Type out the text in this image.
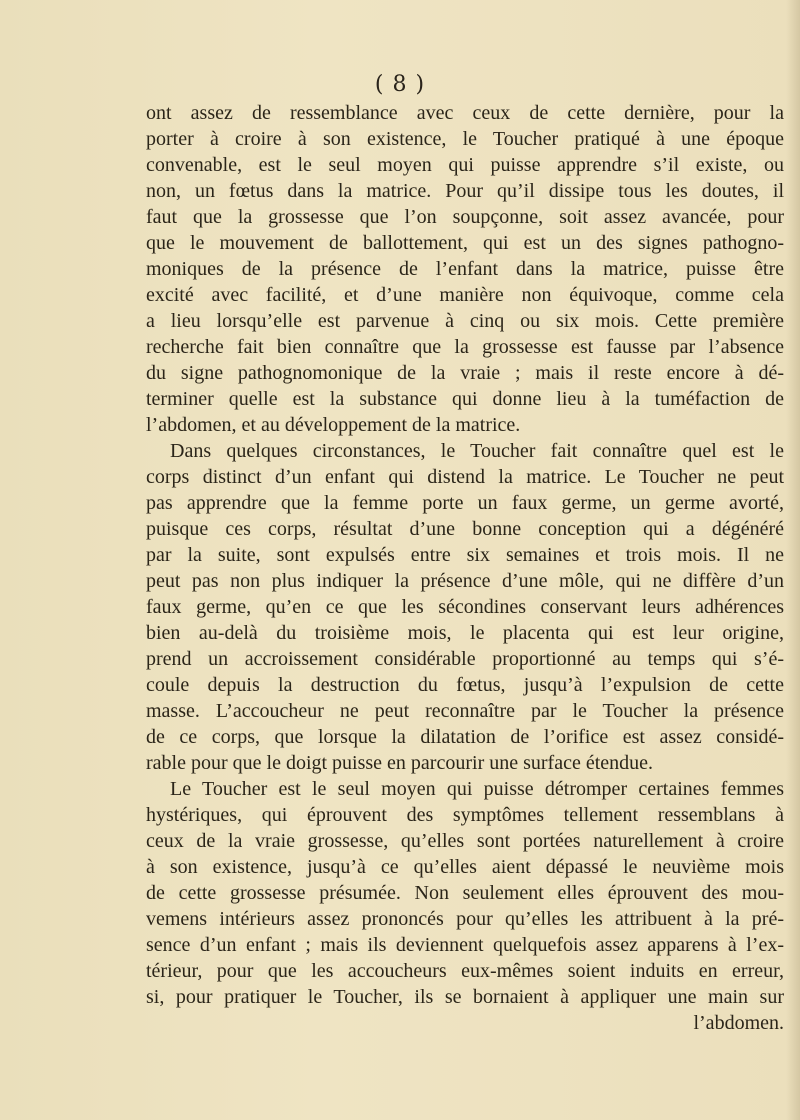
( 8 )
ont assez de ressemblance avec ceux de cette dernière, pour la
porter à croire à son existence, le Toucher pratiqué à une époque
convenable, est le seul moyen qui puisse apprendre s’il existe, ou
non, un fœtus dans la matrice. Pour qu’il dissipe tous les doutes, il
faut que la grossesse que l’on soupçonne, soit assez avancée, pour
que le mouvement de ballottement, qui est un des signes pathogno-
moniques de la présence de l’enfant dans la matrice, puisse être
excité avec facilité, et d’une manière non équivoque, comme cela
a lieu lorsqu’elle est parvenue à cinq ou six mois. Cette première
recherche fait bien connaître que la grossesse est fausse par l’absence
du signe pathognomonique de la vraie ; mais il reste encore à dé-
terminer quelle est la substance qui donne lieu à la tuméfaction de
l’abdomen, et au développement de la matrice.
Dans quelques circonstances, le Toucher fait connaître quel est le
corps distinct d’un enfant qui distend la matrice. Le Toucher ne peut
pas apprendre que la femme porte un faux germe, un germe avorté,
puisque ces corps, résultat d’une bonne conception qui a dégénéré
par la suite, sont expulsés entre six semaines et trois mois. Il ne
peut pas non plus indiquer la présence d’une môle, qui ne diffère d’un
faux germe, qu’en ce que les sécondines conservant leurs adhérences
bien au-delà du troisième mois, le placenta qui est leur origine,
prend un accroissement considérable proportionné au temps qui s’é-
coule depuis la destruction du fœtus, jusqu’à l’expulsion de cette
masse. L’accoucheur ne peut reconnaître par le Toucher la présence
de ce corps, que lorsque la dilatation de l’orifice est assez considé-
rable pour que le doigt puisse en parcourir une surface étendue.
Le Toucher est le seul moyen qui puisse détromper certaines femmes
hystériques, qui éprouvent des symptômes tellement ressemblans à
ceux de la vraie grossesse, qu’elles sont portées naturellement à croire
à son existence, jusqu’à ce qu’elles aient dépassé le neuvième mois
de cette grossesse présumée. Non seulement elles éprouvent des mou-
vemens intérieurs assez prononcés pour qu’elles les attribuent à la pré-
sence d’un enfant ; mais ils deviennent quelquefois assez apparens à l’ex-
térieur, pour que les accoucheurs eux-mêmes soient induits en erreur,
si, pour pratiquer le Toucher, ils se bornaient à appliquer une main sur
l’abdomen.
